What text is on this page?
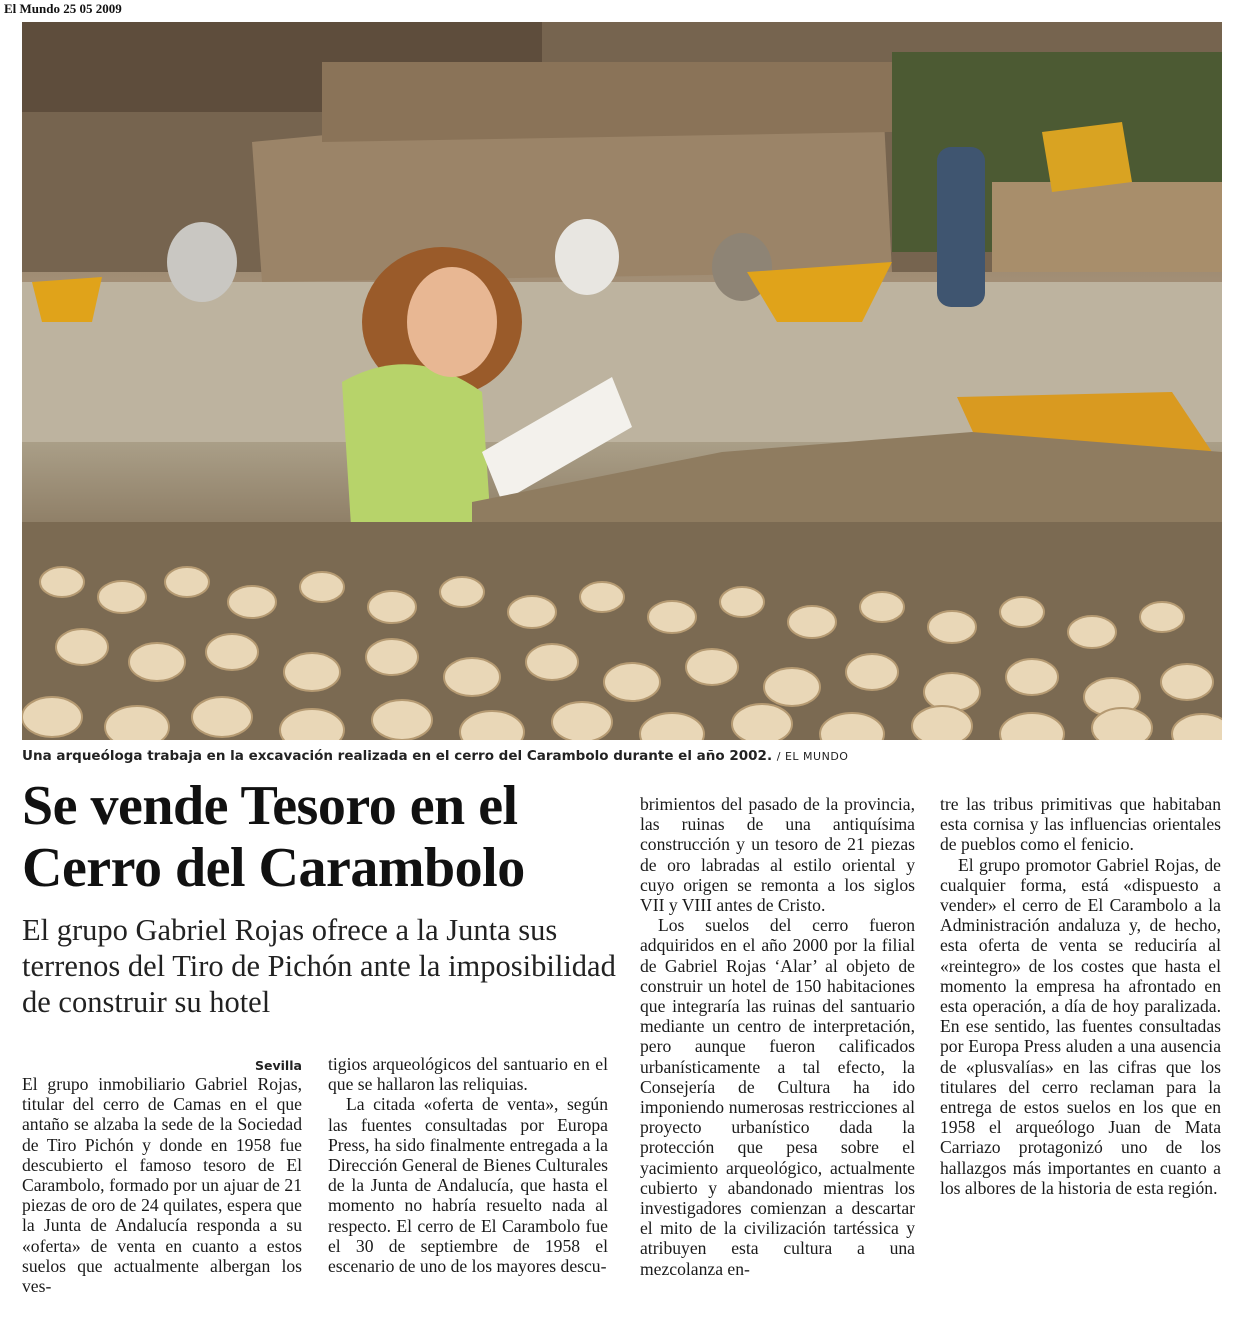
El Mundo 25 05 2009
Una arqueóloga trabaja en la excavación realizada en el cerro del Carambolo durante el año 2002. / EL MUNDO
Se vende Tesoro en el Cerro del Carambolo
El grupo Gabriel Rojas ofrece a la Junta sus terrenos del Tiro de Pichón ante la imposibilidad de construir su hotel
Sevilla

El grupo inmobiliario Gabriel Rojas, titular del cerro de Camas en el que antaño se alzaba la sede de la Sociedad de Tiro Pichón y donde en 1958 fue descubierto el famoso tesoro de El Carambolo, formado por un ajuar de 21 piezas de oro de 24 quilates, espera que la Junta de Andalucía responda a su «oferta» de venta en cuanto a estos suelos que actualmente albergan los ves-

tigios arqueológicos del santuario en el que se hallaron las reliquias.

La citada «oferta de venta», según las fuentes consultadas por Europa Press, ha sido finalmente entregada a la Dirección General de Bienes Culturales de la Junta de Andalucía, que hasta el momento no habría resuelto nada al respecto. El cerro de El Carambolo fue el 30 de septiembre de 1958 el escenario de uno de los mayores descu-

brimientos del pasado de la provincia, las ruinas de una antiquísima construcción y un tesoro de 21 piezas de oro labradas al estilo oriental y cuyo origen se remonta a los siglos VII y VIII antes de Cristo.

Los suelos del cerro fueron adquiridos en el año 2000 por la filial de Gabriel Rojas ‘Alar’ al objeto de construir un hotel de 150 habitaciones que integraría las ruinas del santuario mediante un centro de interpretación, pero aunque fueron calificados urbanísticamente a tal efecto, la Consejería de Cultura ha ido imponiendo numerosas restricciones al proyecto urbanístico dada la protección que pesa sobre el yacimiento arqueológico, actualmente cubierto y abandonado mientras los investigadores comienzan a descartar el mito de la civilización tartéssica y atribuyen esta cultura a una mezcolanza en-

tre las tribus primitivas que habitaban esta cornisa y las influencias orientales de pueblos como el fenicio.

El grupo promotor Gabriel Rojas, de cualquier forma, está «dispuesto a vender» el cerro de El Carambolo a la Administración andaluza y, de hecho, esta oferta de venta se reduciría al «reintegro» de los costes que hasta el momento la empresa ha afrontado en esta operación, a día de hoy paralizada. En ese sentido, las fuentes consultadas por Europa Press aluden a una ausencia de «plusvalías» en las cifras que los titulares del cerro reclaman para la entrega de estos suelos en los que en 1958 el arqueólogo Juan de Mata Carriazo protagonizó uno de los hallazgos más importantes en cuanto a los albores de la historia de esta región.
